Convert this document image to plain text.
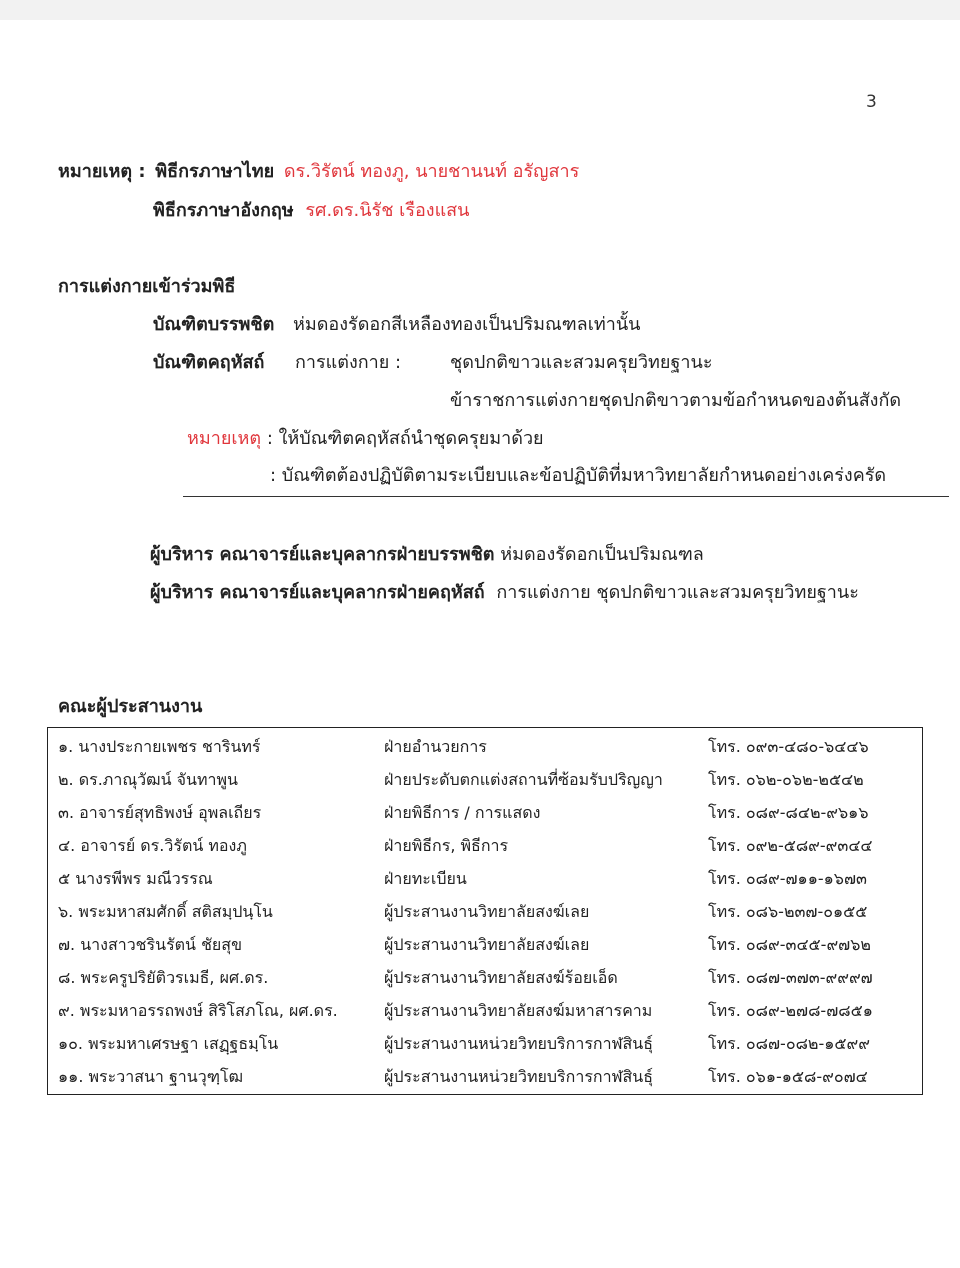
3
หมายเหตุ : พิธีกรภาษาไทย ดร.วิรัตน์ ทองภู, นายชานนท์ อรัญสาร
พิธีกรภาษาอังกฤษ รศ.ดร.นิรัช เรืองแสน
การแต่งกายเข้าร่วมพิธี
บัณฑิตบรรพชิต ห่มดองรัดอกสีเหลืองทองเป็นปริมณฑลเท่านั้น
บัณฑิตคฤหัสถ์ การแต่งกาย :	ชุดปกติขาวและสวมครุยวิทยฐานะ
ข้าราชการแต่งกายชุดปกติขาวตามข้อกำหนดของต้นสังกัด
หมายเหตุ : ให้บัณฑิตคฤหัสถ์นำชุดครุยมาด้วย
: บัณฑิตต้องปฏิบัติตามระเบียบและข้อปฏิบัติที่มหาวิทยาลัยกำหนดอย่างเคร่งครัด
ผู้บริหาร คณาจารย์และบุคลากรฝ่ายบรรพชิต ห่มดองรัดอกเป็นปริมณฑล
ผู้บริหาร คณาจารย์และบุคลากรฝ่ายคฤหัสถ์ การแต่งกาย ชุดปกติขาวและสวมครุยวิทยฐานะ
คณะผู้ประสานงาน
๑. นางประกายเพชร ชารินทร์	ฝ่ายอำนวยการ	โทร. ๐๙๓-๔๘๐-๖๔๔๖
๒. ดร.ภาณุวัฒน์ จันทาพูน	ฝ่ายประดับตกแต่งสถานที่ซ้อมรับปริญญา	โทร. ๐๖๒-๐๖๒-๒๕๔๒
๓. อาจารย์สุทธิพงษ์ อุพลเถียร	ฝ่ายพิธีการ / การแสดง	โทร. ๐๘๙-๘๔๒-๙๖๑๖
๔. อาจารย์ ดร.วิรัตน์ ทองภู	ฝ่ายพิธีกร, พิธีการ	โทร. ๐๙๒-๕๘๙-๙๓๔๔
๕ นางรพีพร มณีวรรณ	ฝ่ายทะเบียน	โทร. ๐๘๙-๗๑๑-๑๖๗๓
๖. พระมหาสมศักดิ์ สติสมฺปนฺโน	ผู้ประสานงานวิทยาลัยสงฆ์เลย	โทร. ๐๘๖-๒๓๗-๐๑๕๕
๗. นางสาวชรินรัตน์ ชัยสุข	ผู้ประสานงานวิทยาลัยสงฆ์เลย	โทร. ๐๘๙-๓๔๕-๙๗๖๒
๘. พระครูปริยัติวรเมธี, ผศ.ดร.	ผู้ประสานงานวิทยาลัยสงฆ์ร้อยเอ็ด	โทร. ๐๘๗-๓๗๓-๙๙๙๗
๙. พระมหาอรรถพงษ์ สิริโสภโณ, ผศ.ดร.	ผู้ประสานงานวิทยาลัยสงฆ์มหาสารคาม	โทร. ๐๘๙-๒๗๘-๗๘๕๑
๑๐. พระมหาเศรษฐา เสฏฺฐธมฺโน	ผู้ประสานงานหน่วยวิทยบริการกาฬสินธุ์	โทร. ๐๘๗-๐๘๒-๑๕๙๙
๑๑. พระวาสนา ฐานวุฑฺโฒ	ผู้ประสานงานหน่วยวิทยบริการกาฬสินธุ์	โทร. ๐๖๑-๑๕๘-๙๐๗๔
